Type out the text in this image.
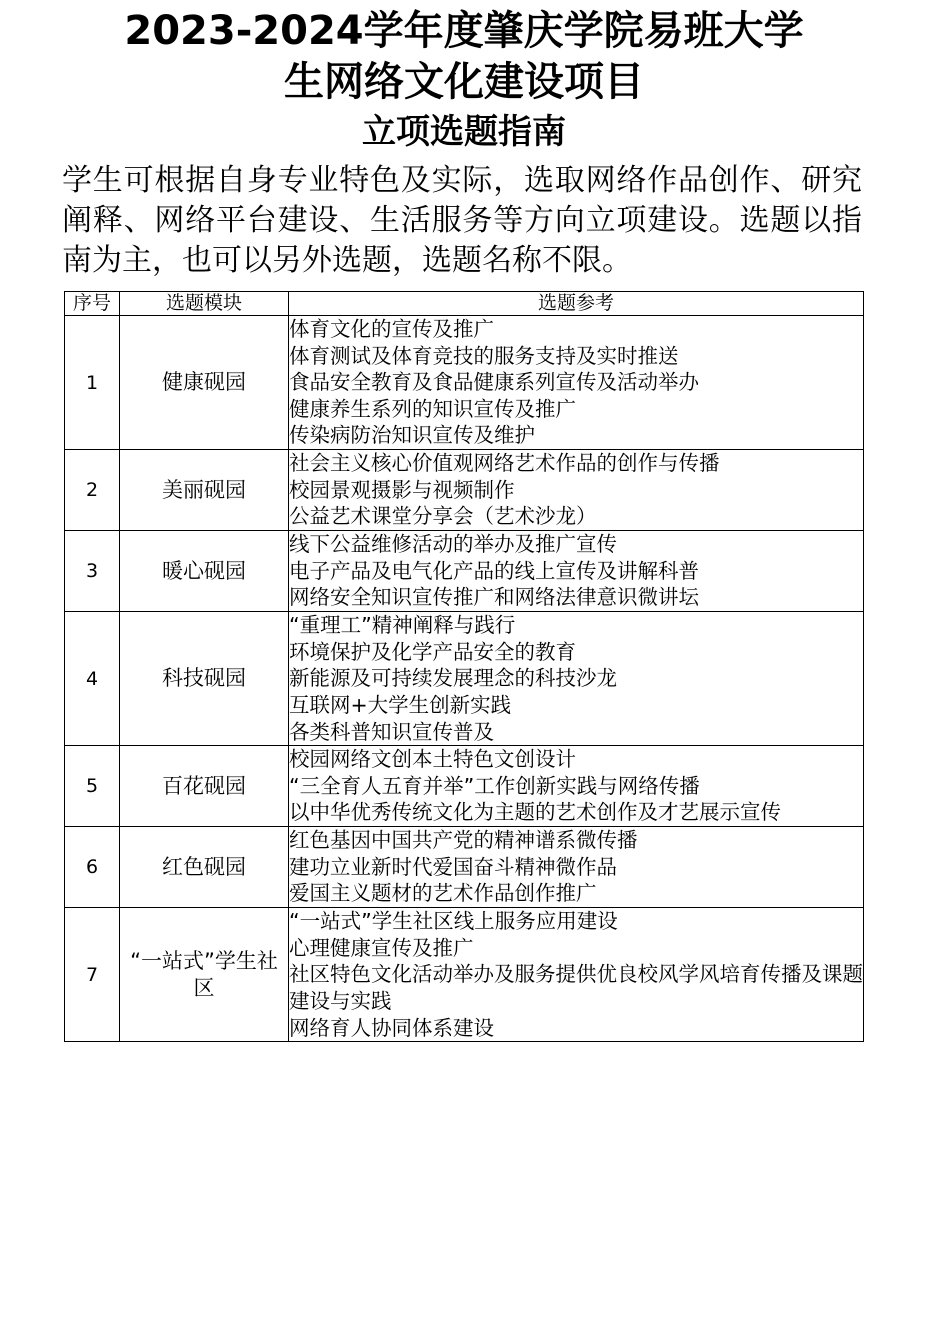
2023-2024学年度肇庆学院易班大学
生网络文化建设项目
立项选题指南

学生可根据自身专业特色及实际，选取网络作品创作、研究阐释、网络平台建设、生活服务等方向立项建设。选题以指南为主，也可以另外选题，选题名称不限。

序号	选题模块	选题参考
1	健康砚园	体育文化的宣传及推广
体育测试及体育竞技的服务支持及实时推送
食品安全教育及食品健康系列宣传及活动举办
健康养生系列的知识宣传及推广
传染病防治知识宣传及维护

2	美丽砚园	社会主义核心价值观网络艺术作品的创作与传播
校园景观摄影与视频制作
公益艺术课堂分享会（艺术沙龙）

3	暖心砚园	线下公益维修活动的举办及推广宣传
电子产品及电气化产品的线上宣传及讲解科普
网络安全知识宣传推广和网络法律意识微讲坛

4	科技砚园	“重理工”精神阐释与践行
环境保护及化学产品安全的教育
新能源及可持续发展理念的科技沙龙
互联网+大学生创新实践
各类科普知识宣传普及

5	百花砚园	校园网络文创本土特色文创设计
“三全育人五育并举”工作创新实践与网络传播
以中华优秀传统文化为主题的艺术创作及才艺展示宣传

6	红色砚园	红色基因中国共产党的精神谱系微传播
建功立业新时代爱国奋斗精神微作品
爱国主义题材的艺术作品创作推广

7	“一站式”学生社区	“一站式”学生社区线上服务应用建设
心理健康宣传及推广
社区特色文化活动举办及服务提供优良校风学风培育传播及课题建设与实践
网络育人协同体系建设
